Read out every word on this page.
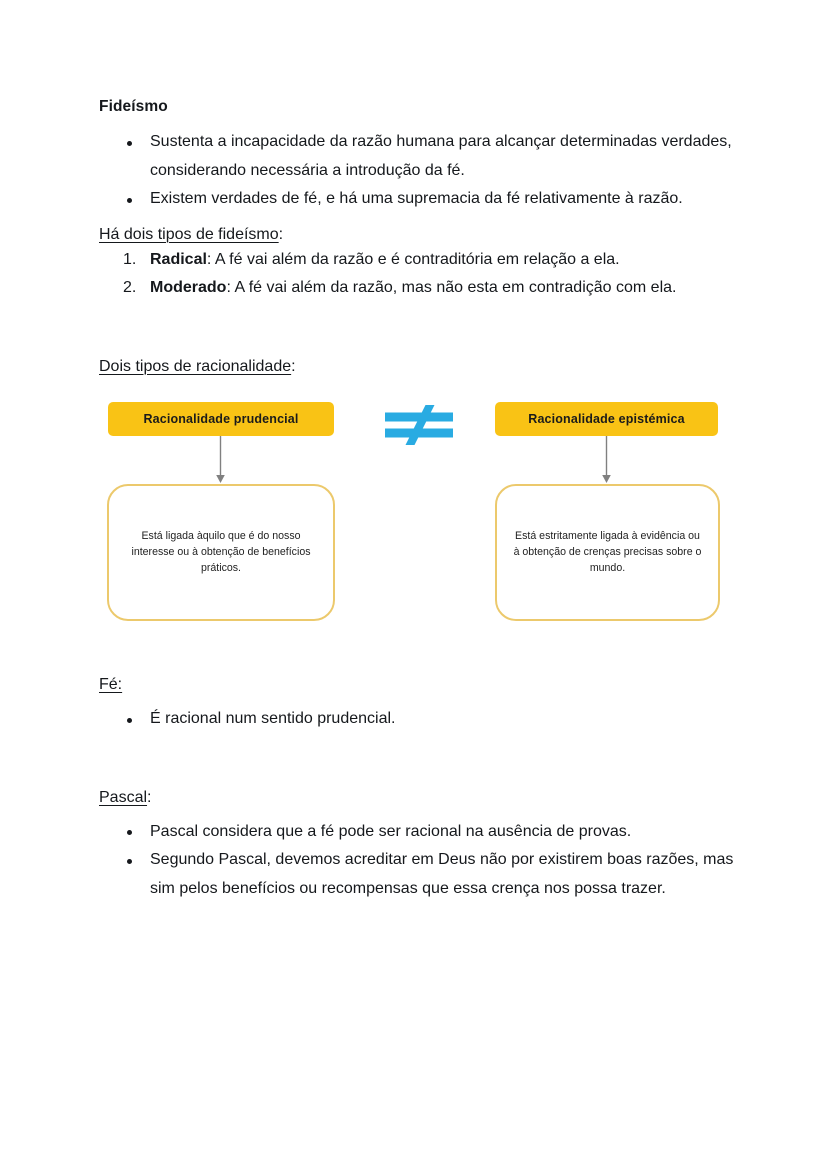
Fideísmo
Sustenta a incapacidade da razão humana para alcançar determinadas verdades, considerando necessária a introdução da fé.
Existem verdades de fé, e há uma supremacia da fé relativamente à razão.

Há dois tipos de fideísmo:

Radical: A fé vai além da razão e é contraditória em relação a ela.
Moderado: A fé vai além da razão, mas não esta em contradição com ela.

Dois tipos de racionalidade:

Racionalidade prudencial	Racionalidade epistémica
Está ligada àquilo que é do nosso interesse ou à obtenção de benefícios práticos.
Está estritamente ligada à evidência ou à obtenção de crenças precisas sobre o mundo.

Fé:

É racional num sentido prudencial.

Pascal:

Pascal considera que a fé pode ser racional na ausência de provas.
Segundo Pascal, devemos acreditar em Deus não por existirem boas razões, mas sim pelos benefícios ou recompensas que essa crença nos possa trazer.
